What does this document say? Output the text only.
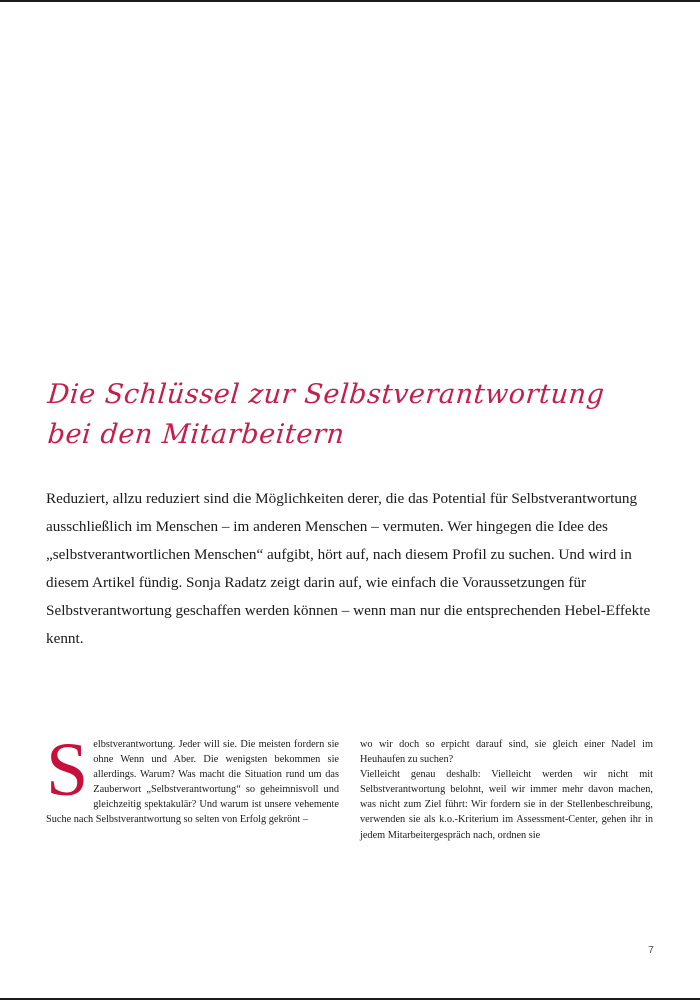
Die Schlüssel zur Selbstverantwortung
bei den Mitarbeitern

Reduziert, allzu reduziert sind die Möglichkeiten derer, die das Potential für Selbstverantwortung ausschließlich im Menschen – im anderen Menschen – vermuten. Wer hingegen die Idee des „selbstverantwortlichen Menschen“ aufgibt, hört auf, nach diesem Profil zu suchen. Und wird in diesem Artikel fündig. Sonja Radatz zeigt darin auf, wie einfach die Voraussetzungen für Selbstverantwortung geschaffen werden können – wenn man nur die entsprechenden Hebel-Effekte kennt.

Selbstverantwortung. Jeder will sie. Die meisten fordern sie ohne Wenn und Aber. Die wenigsten bekommen sie allerdings. Warum? Was macht die Situation rund um das Zauberwort „Selbstverantwortung“ so geheimnisvoll und gleichzeitig spektakulär? Und warum ist unsere vehemente Suche nach Selbstverantwortung so selten von Erfolg gekrönt –

wo wir doch so erpicht darauf sind, sie gleich einer Nadel im Heuhaufen zu suchen?

Vielleicht genau deshalb: Vielleicht werden wir nicht mit Selbstverantwortung belohnt, weil wir immer mehr davon machen, was nicht zum Ziel führt: Wir fordern sie in der Stellenbeschreibung, verwenden sie als k.o.-Kriterium im Assessment-Center, gehen ihr in jedem Mitarbeitergespräch nach, ordnen sie

7
